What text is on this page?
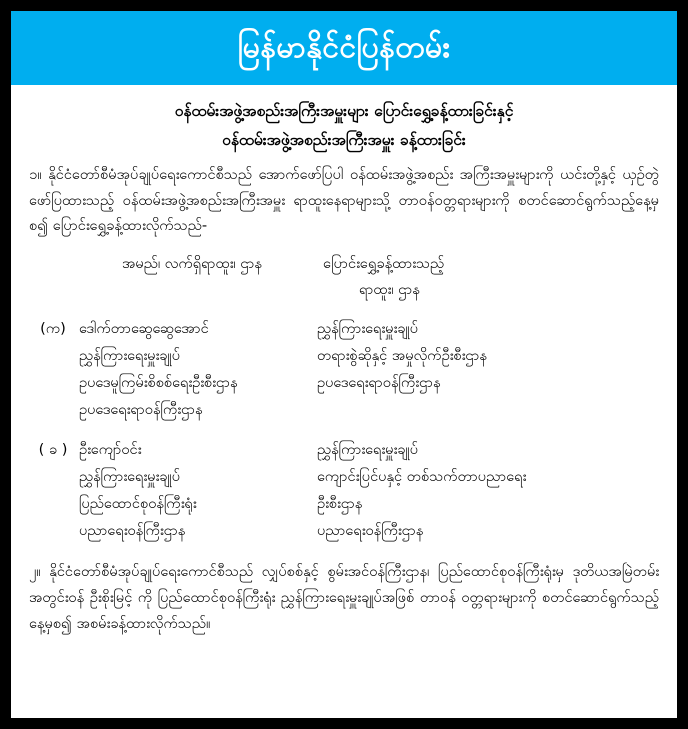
မြန်မာနိုင်ငံပြန်တမ်း
ဝန်ထမ်းအဖွဲ့အစည်းအကြီးအမှူးများ ပြောင်းရွှေ့ခန့်ထားခြင်းနှင့်
ဝန်ထမ်းအဖွဲ့အစည်းအကြီးအမှူး ခန့်ထားခြင်း
၁။ နိုင်ငံတော်စီမံအုပ်ချုပ်ရေးကောင်စီသည် အောက်ဖော်ပြပါ ဝန်ထမ်းအဖွဲ့အစည်း အကြီးအမှူးများကို ယင်းတို့နှင့် ယှဉ်တွဲဖော်ပြထားသည့် ဝန်ထမ်းအဖွဲ့အစည်းအကြီးအမှူး ရာထူးနေရာများသို့ တာဝန်ဝတ္တရားများကို စတင်ဆောင်ရွက်သည့်နေ့မှစ၍ ပြောင်းရွှေ့ခန့်ထားလိုက်သည်-
အမည်၊ လက်ရှိရာထူး၊ ဌာန	ပြောင်းရွှေ့ခန့်ထားသည့်
ရာထူး၊ ဌာန
(က) ဒေါက်တာဆွေဆွေအောင်
ညွှန်ကြားရေးမှူးချုပ်
ဥပဒေမူကြမ်းစိစစ်ရေးဦးစီးဌာန
ဥပဒေရေးရာဝန်ကြီးဌာန
ညွှန်ကြားရေးမှူးချုပ်
တရားစွဲဆိုနှင့် အမှုလိုက်ဦးစီးဌာန
ဥပဒေရေးရာဝန်ကြီးဌာန
( ခ ) ဦးကျော်ဝင်း
ညွှန်ကြားရေးမှူးချုပ်
ပြည်ထောင်စုဝန်ကြီးရုံး
ပညာရေးဝန်ကြီးဌာန
ညွှန်ကြားရေးမှူးချုပ်
ကျောင်းပြင်ပနှင့် တစ်သက်တာပညာရေး
ဦးစီးဌာန
ပညာရေးဝန်ကြီးဌာန
၂။ နိုင်ငံတော်စီမံအုပ်ချုပ်ရေးကောင်စီသည် လျှပ်စစ်နှင့် စွမ်းအင်ဝန်ကြီးဌာန၊ ပြည်ထောင်စုဝန်ကြီးရုံးမှ ဒုတိယအမြဲတမ်းအတွင်းဝန် ဦးစိုးမြင့် ကို ပြည်ထောင်စုဝန်ကြီးရုံး ညွှန်ကြားရေးမှူးချုပ်အဖြစ် တာဝန် ဝတ္တရားများကို စတင်ဆောင်ရွက်သည့်နေ့မှစ၍ အစမ်းခန့်ထားလိုက်သည်။
